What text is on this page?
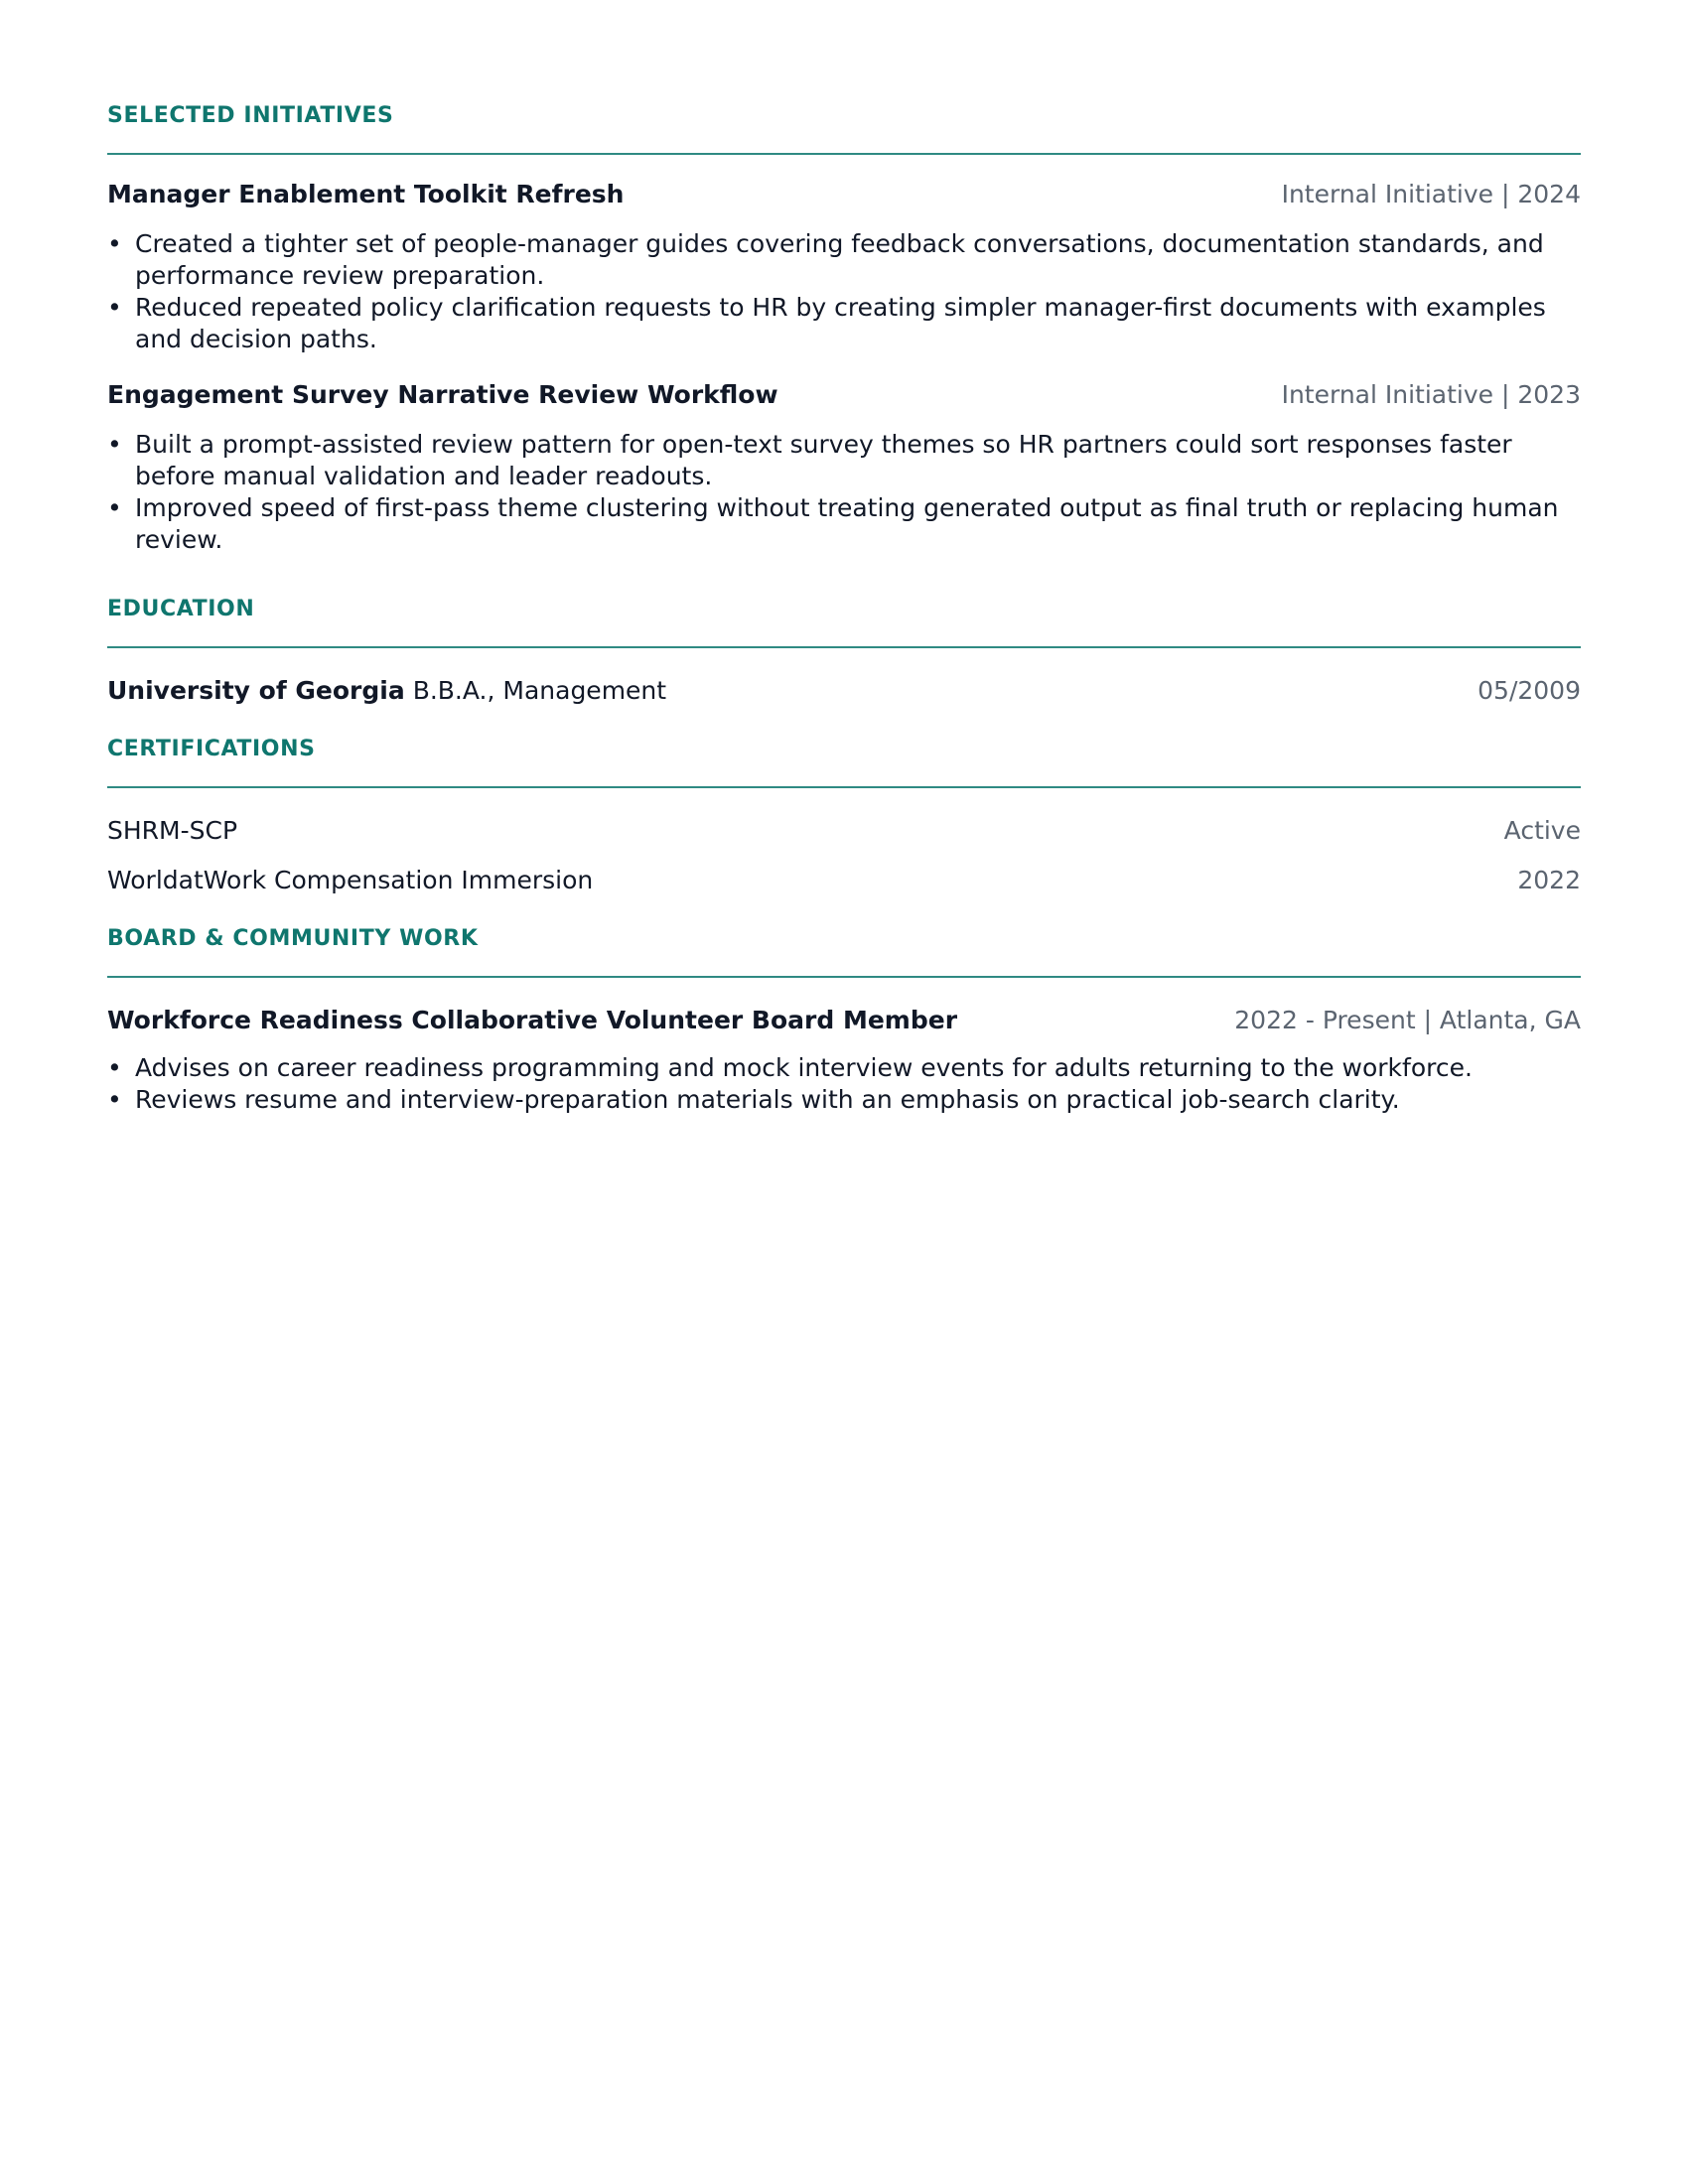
SELECTED INITIATIVES
Manager Enablement Toolkit Refresh	Internal Initiative | 2024
• Created a tighter set of people-manager guides covering feedback conversations, documentation standards, and performance review preparation.
• Reduced repeated policy clarification requests to HR by creating simpler manager-first documents with examples and decision paths.
Engagement Survey Narrative Review Workflow	Internal Initiative | 2023
• Built a prompt-assisted review pattern for open-text survey themes so HR partners could sort responses faster before manual validation and leader readouts.
• Improved speed of first-pass theme clustering without treating generated output as final truth or replacing human review.
EDUCATION
University of Georgia B.B.A., Management	05/2009
CERTIFICATIONS
SHRM-SCP	Active
WorldatWork Compensation Immersion	2022
BOARD & COMMUNITY WORK
Workforce Readiness Collaborative Volunteer Board Member	2022 - Present | Atlanta, GA
• Advises on career readiness programming and mock interview events for adults returning to the workforce.
• Reviews resume and interview-preparation materials with an emphasis on practical job-search clarity.
